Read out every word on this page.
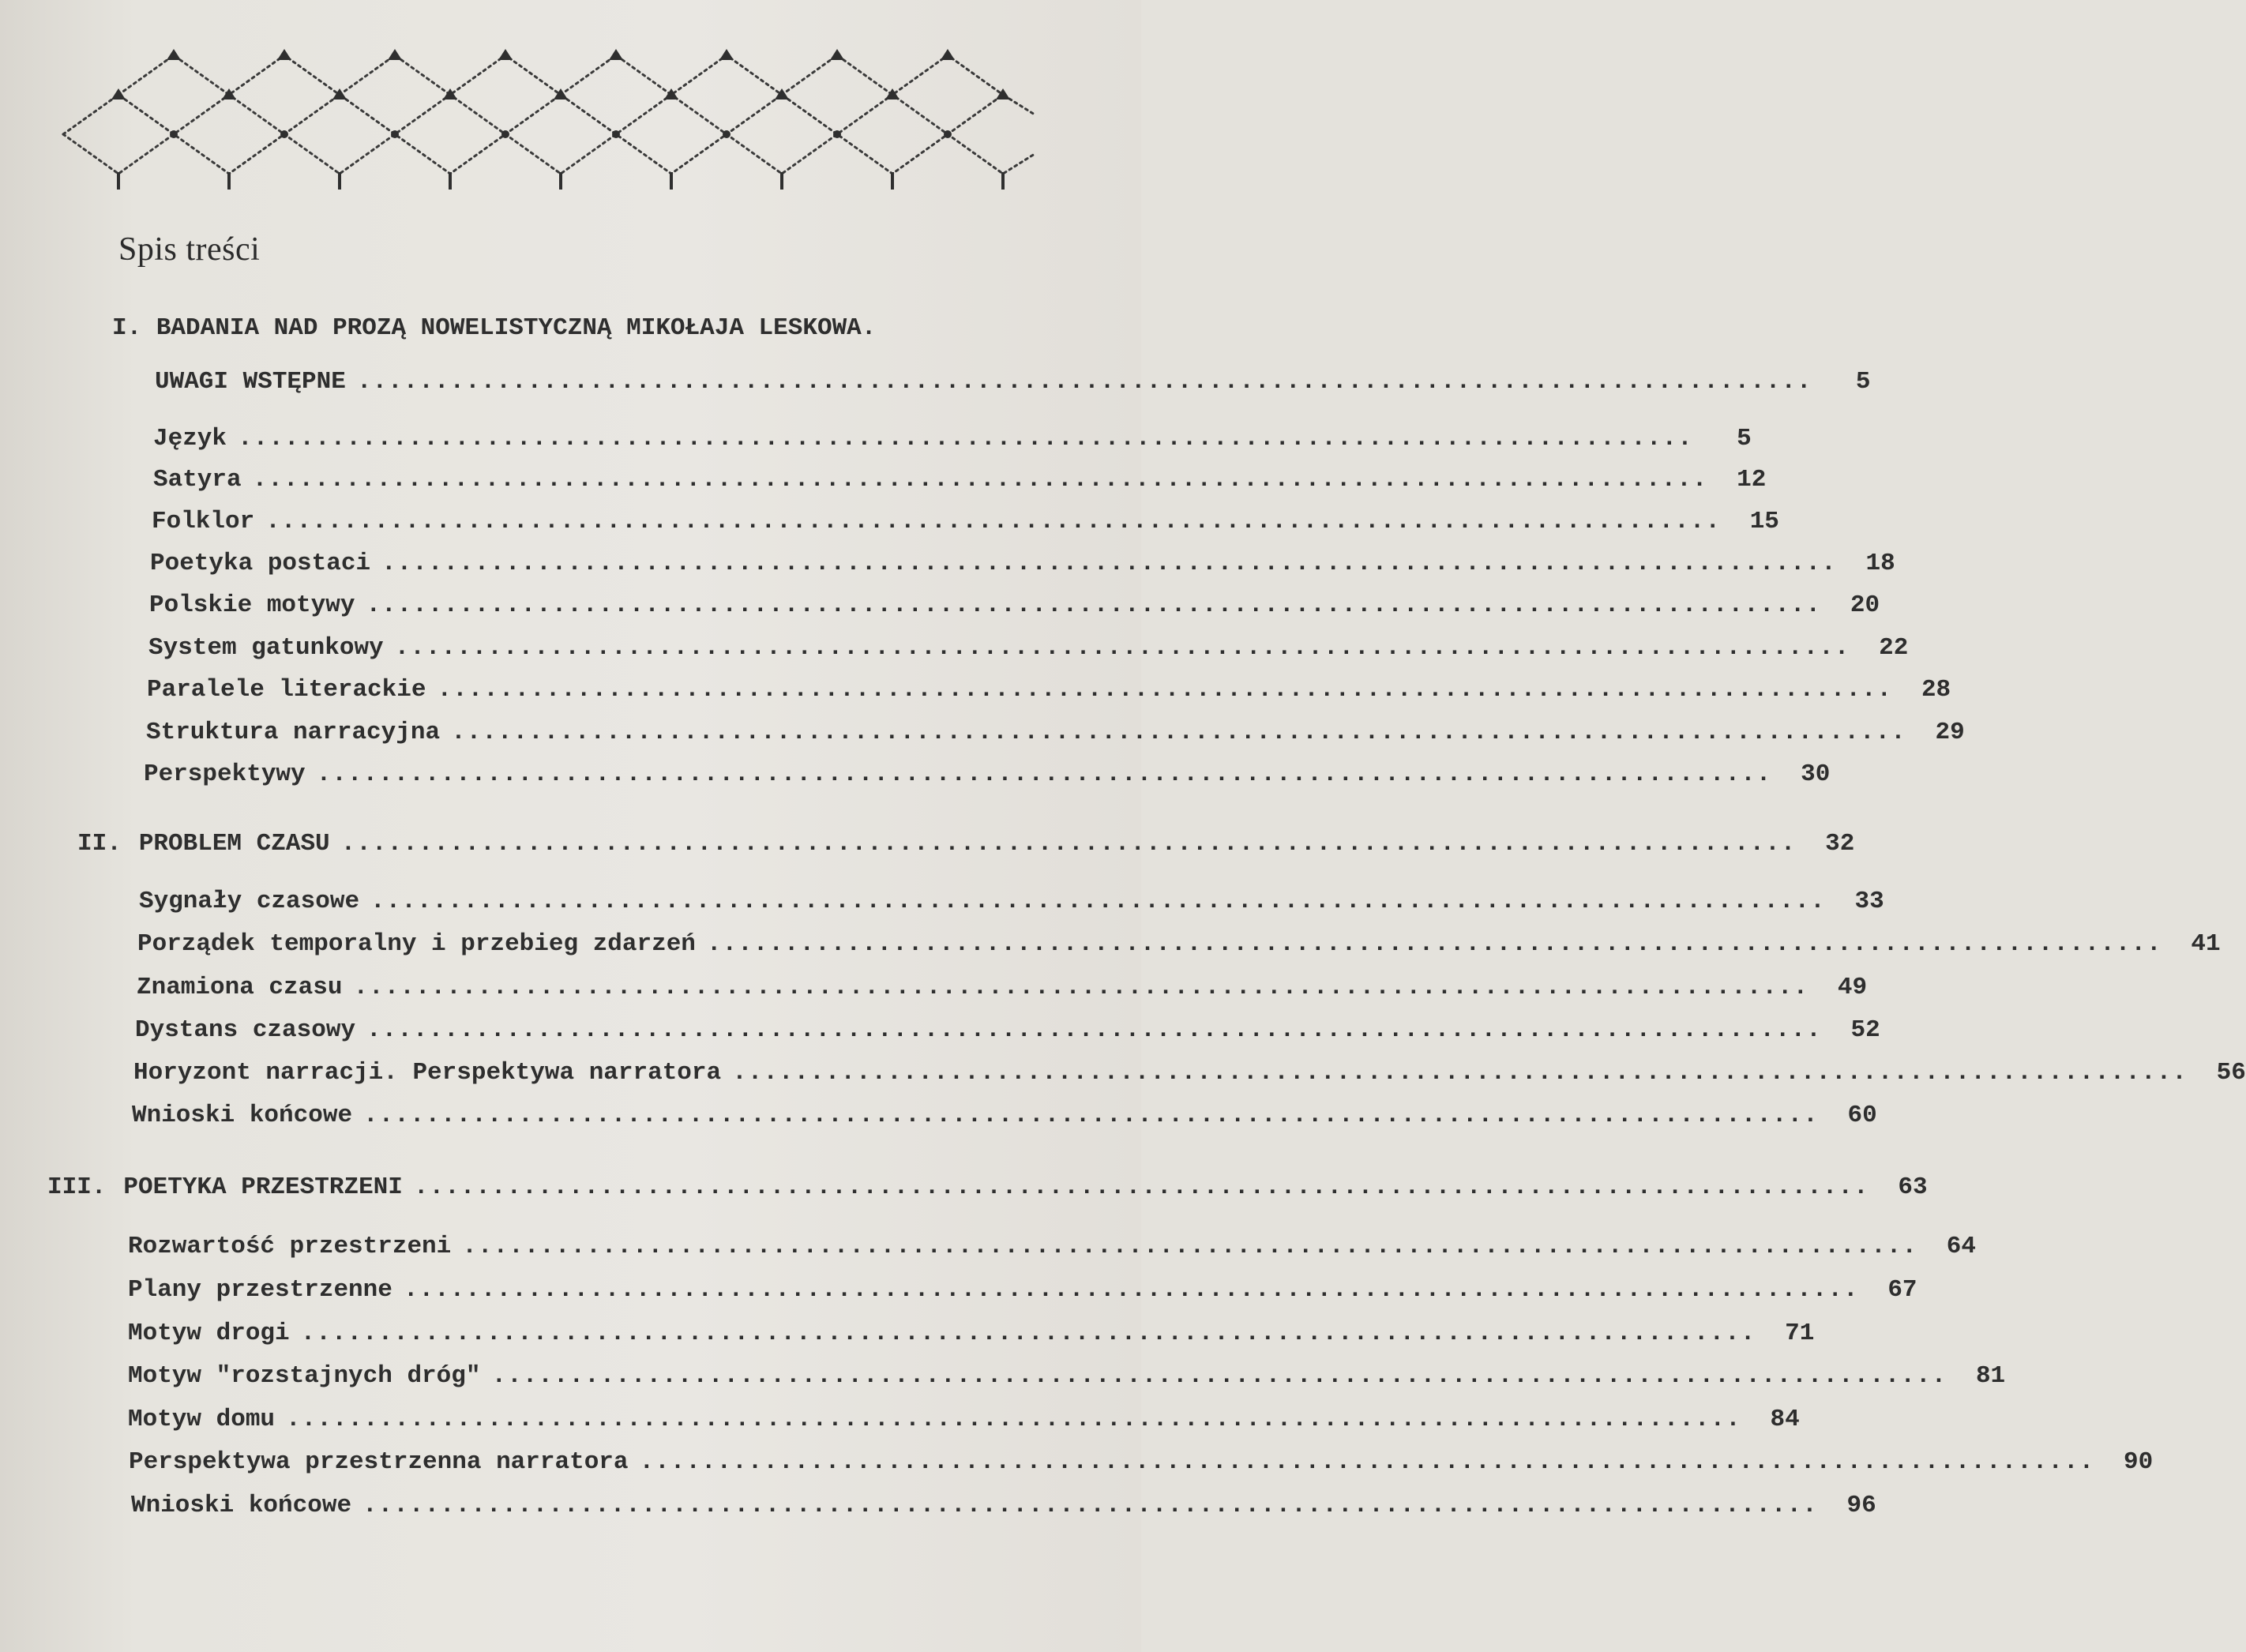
Spis treści
I. BADANIA NAD PROZĄ NOWELISTYCZNĄ MIKOŁAJA LESKOWA.
UWAGI WSTĘPNE ..............................................................................................	5
Język ..............................................................................................	5
Satyra ..............................................................................................	12
Folklor ..............................................................................................	15
Poetyka postaci ..............................................................................................	18
Polskie motywy ..............................................................................................	20
System gatunkowy ..............................................................................................	22
Paralele literackie ..............................................................................................	28
Struktura narracyjna ..............................................................................................	29
Perspektywy ..............................................................................................	30
II. PROBLEM CZASU ..............................................................................................	32
Sygnały czasowe ..............................................................................................	33
Porządek temporalny i przebieg zdarzeń ..............................................................................................	41
Znamiona czasu ..............................................................................................	49
Dystans czasowy ..............................................................................................	52
Horyzont narracji. Perspektywa narratora ..............................................................................................	56
Wnioski końcowe ..............................................................................................	60
III. POETYKA PRZESTRZENI ..............................................................................................	63
Rozwartość przestrzeni ..............................................................................................	64
Plany przestrzenne ..............................................................................................	67
Motyw drogi ..............................................................................................	71
Motyw "rozstajnych dróg" ..............................................................................................	81
Motyw domu ..............................................................................................	84
Perspektywa przestrzenna narratora ..............................................................................................	90
Wnioski końcowe ..............................................................................................	96
